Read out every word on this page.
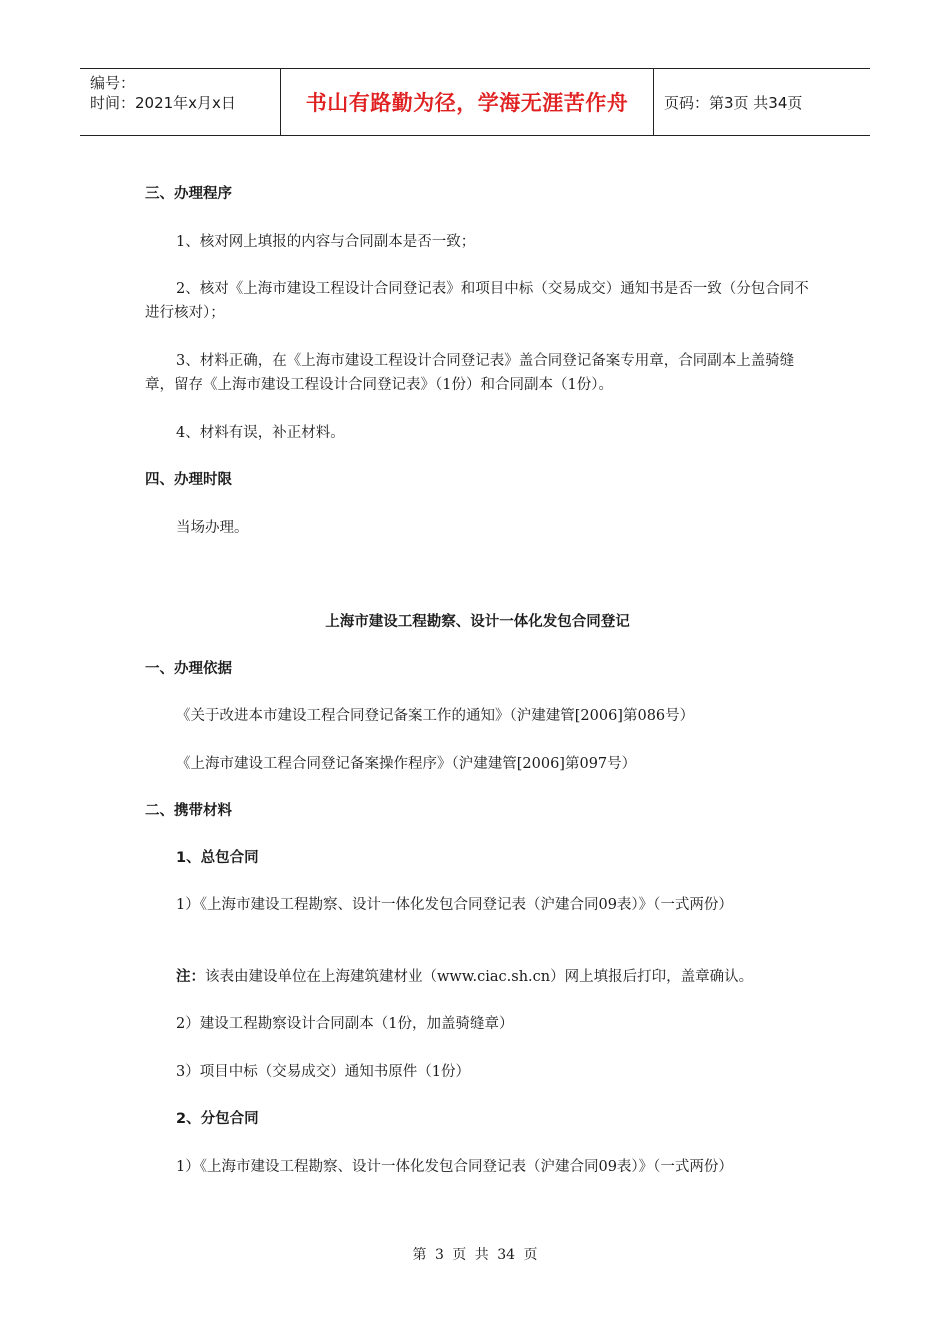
编号：
时间：2021年x月x日	书山有路勤为径，学海无涯苦作舟	页码：第3页 共34页
三、办理程序
1、核对网上填报的内容与合同副本是否一致；
2、核对《上海市建设工程设计合同登记表》和项目中标（交易成交）通知书是否一致（分包合同不进行核对）；
3、材料正确，在《上海市建设工程设计合同登记表》盖合同登记备案专用章，合同副本上盖骑缝章，留存《上海市建设工程设计合同登记表》（1份）和合同副本（1份）。
4、材料有误，补正材料。
四、办理时限
当场办理。
上海市建设工程勘察、设计一体化发包合同登记
一、办理依据
《关于改进本市建设工程合同登记备案工作的通知》（沪建建管[2006]第086号）
《上海市建设工程合同登记备案操作程序》（沪建建管[2006]第097号）
二、携带材料
1、总包合同
1）《上海市建设工程勘察、设计一体化发包合同登记表（沪建合同09表）》（一式两份）
注：该表由建设单位在上海建筑建材业（www.ciac.sh.cn）网上填报后打印，盖章确认。
2）建设工程勘察设计合同副本（1份，加盖骑缝章）
3）项目中标（交易成交）通知书原件（1份）
2、分包合同
1）《上海市建设工程勘察、设计一体化发包合同登记表（沪建合同09表）》（一式两份）
第 3 页 共 34 页
